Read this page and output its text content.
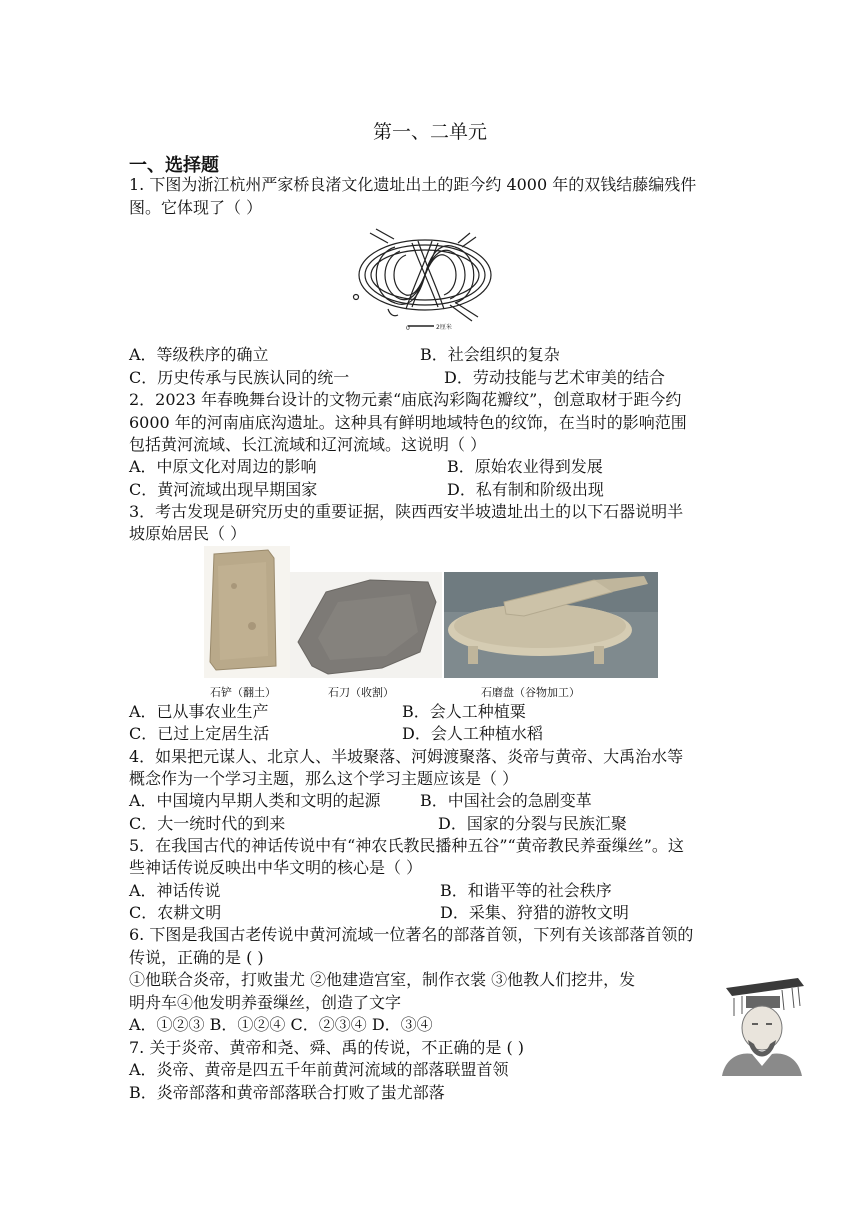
第一、二单元
一、选择题
1. 下图为浙江杭州严家桥良渚文化遗址出土的距今约 4000 年的双钱结藤编残件
图。它体现了（ ）
0	2厘米
A．等级秩序的确立	B．社会组织的复杂
C．历史传承与民族认同的统一	D．劳动技能与艺术审美的结合
2．2023 年春晚舞台设计的文物元素“庙底沟彩陶花瓣纹”，创意取材于距今约
6000 年的河南庙底沟遗址。这种具有鲜明地域特色的纹饰，在当时的影响范围
包括黄河流域、长江流域和辽河流域。这说明（ ）
A．中原文化对周边的影响	B．原始农业得到发展
C．黄河流域出现早期国家	D．私有制和阶级出现
3．考古发现是研究历史的重要证据，陕西西安半坡遗址出土的以下石器说明半
坡原始居民（ ）
石铲（翻土）	石刀（收割）	石磨盘（谷物加工）
A．已从事农业生产	B．会人工种植粟
C．已过上定居生活	D．会人工种植水稻
4．如果把元谋人、北京人、半坡聚落、河姆渡聚落、炎帝与黄帝、大禹治水等
概念作为一个学习主题，那么这个学习主题应该是（ ）
A．中国境内早期人类和文明的起源 B．中国社会的急剧变革
C．大一统时代的到来	D．国家的分裂与民族汇聚
5．在我国古代的神话传说中有“神农氏教民播种五谷”“黄帝教民养蚕缫丝”。这
些神话传说反映出中华文明的核心是（ ）
A．神话传说	B．和谐平等的社会秩序
C．农耕文明	D．采集、狩猎的游牧文明
6. 下图是我国古老传说中黄河流域一位著名的部落首领，下列有关该部落首领的
传说，正确的是 ( )
①他联合炎帝，打败蚩尤 ②他建造宫室，制作衣裳 ③他教人们挖井，发
明舟车④他发明养蚕缫丝，创造了文字
A．①②③ B．①②④ C．②③④ D．③④
7. 关于炎帝、黄帝和尧、舜、禹的传说，不正确的是 ( )
A．炎帝、黄帝是四五千年前黄河流域的部落联盟首领
B．炎帝部落和黄帝部落联合打败了蚩尤部落
